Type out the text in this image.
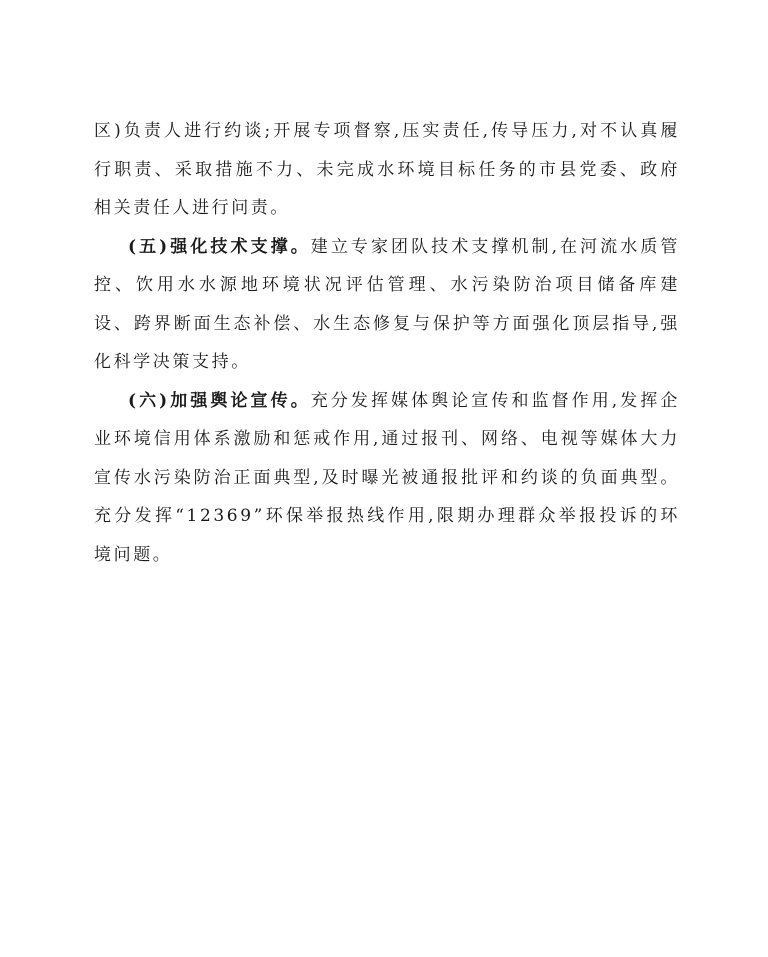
区)负责人进行约谈;开展专项督察,压实责任,传导压力,对不认真履行职责、采取措施不力、未完成水环境目标任务的市县党委、政府相关责任人进行问责。

(五)强化技术支撑。建立专家团队技术支撑机制,在河流水质管控、饮用水水源地环境状况评估管理、水污染防治项目储备库建设、跨界断面生态补偿、水生态修复与保护等方面强化顶层指导,强化科学决策支持。

(六)加强舆论宣传。充分发挥媒体舆论宣传和监督作用,发挥企业环境信用体系激励和惩戒作用,通过报刊、网络、电视等媒体大力宣传水污染防治正面典型,及时曝光被通报批评和约谈的负面典型。充分发挥“12369”环保举报热线作用,限期办理群众举报投诉的环境问题。
